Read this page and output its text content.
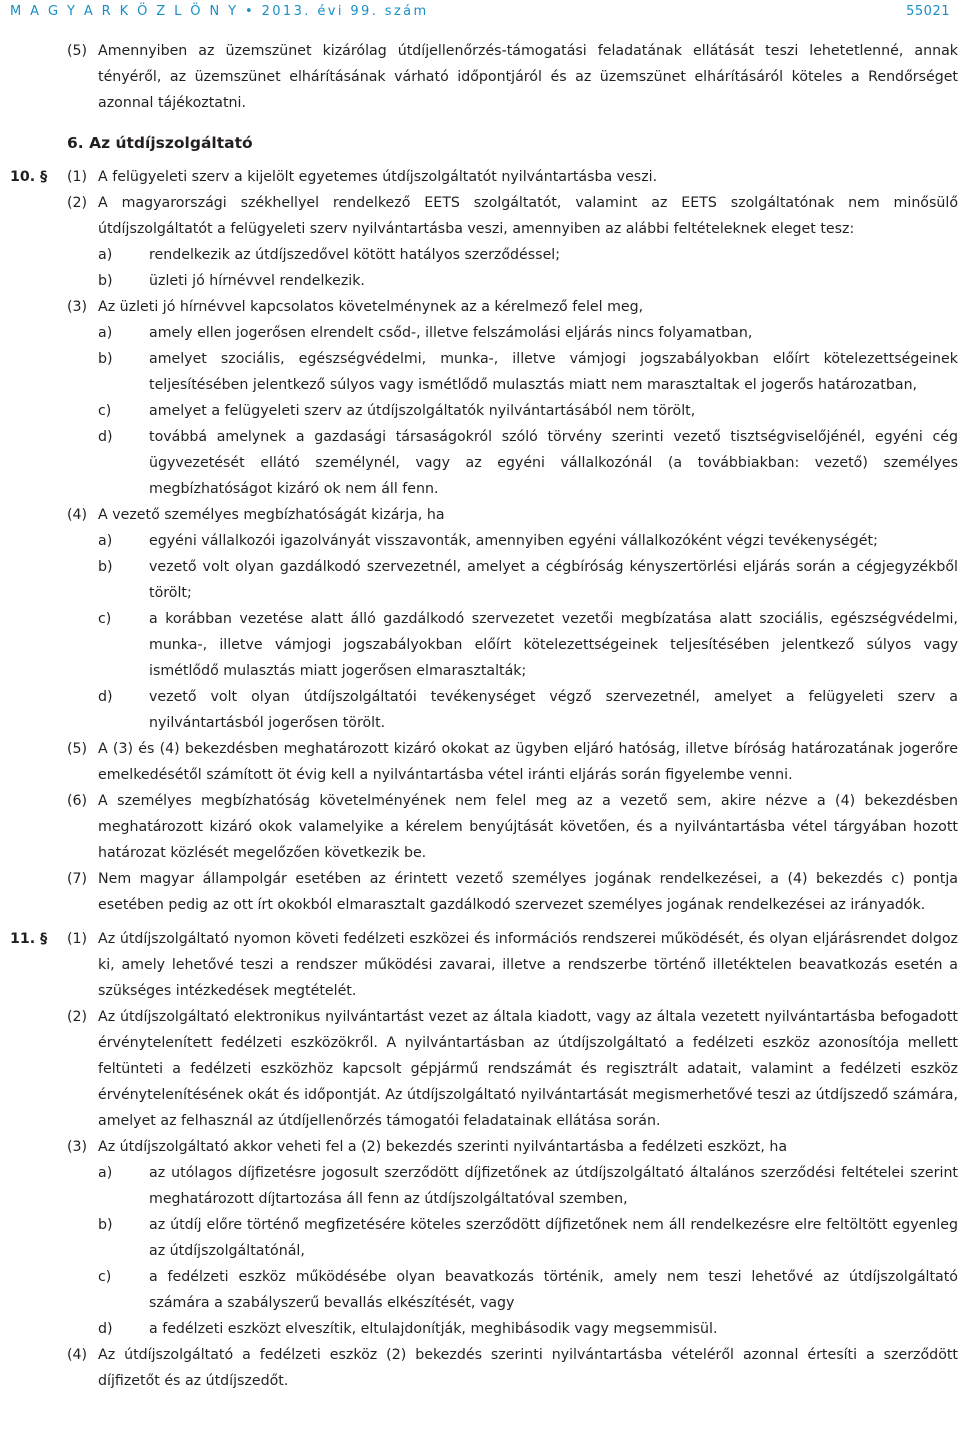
M A G Y A R K Ö Z L Ö N Y • 2013. évi 99. szám	55021
(5) Amennyiben az üzemszünet kizárólag útdíjellenőrzés-támogatási feladatának ellátását teszi lehetetlenné, annak tényéről, az üzemszünet elhárításának várható időpontjáról és az üzemszünet elhárításáról köteles a Rendőrséget azonnal tájékoztatni.
6. Az útdíjszolgáltató
10. §	(1) A felügyeleti szerv a kijelölt egyetemes útdíjszolgáltatót nyilvántartásba veszi.
(2) A magyarországi székhellyel rendelkező EETS szolgáltatót, valamint az EETS szolgáltatónak nem minősülő útdíjszolgáltatót a felügyeleti szerv nyilvántartásba veszi, amennyiben az alábbi feltételeknek eleget tesz:
a)	rendelkezik az útdíjszedővel kötött hatályos szerződéssel;
b)	üzleti jó hírnévvel rendelkezik.
(3) Az üzleti jó hírnévvel kapcsolatos követelménynek az a kérelmező felel meg,
a)	amely ellen jogerősen elrendelt csőd-, illetve felszámolási eljárás nincs folyamatban,
b)	amelyet szociális, egészségvédelmi, munka-, illetve vámjogi jogszabályokban előírt kötelezettségeinek teljesítésében jelentkező súlyos vagy ismétlődő mulasztás miatt nem marasztaltak el jogerős határozatban,
c)	amelyet a felügyeleti szerv az útdíjszolgáltatók nyilvántartásából nem törölt,
d)	továbbá amelynek a gazdasági társaságokról szóló törvény szerinti vezető tisztségviselőjénél, egyéni cég ügyvezetését ellátó személynél, vagy az egyéni vállalkozónál (a továbbiakban: vezető) személyes megbízhatóságot kizáró ok nem áll fenn.
(4) A vezető személyes megbízhatóságát kizárja, ha
a)	egyéni vállalkozói igazolványát visszavonták, amennyiben egyéni vállalkozóként végzi tevékenységét;
b)	vezető volt olyan gazdálkodó szervezetnél, amelyet a cégbíróság kényszertörlési eljárás során a cégjegyzékből törölt;
c)	a korábban vezetése alatt álló gazdálkodó szervezetet vezetői megbízatása alatt szociális, egészségvédelmi, munka-, illetve vámjogi jogszabályokban előírt kötelezettségeinek teljesítésében jelentkező súlyos vagy ismétlődő mulasztás miatt jogerősen elmarasztalták;
d)	vezető volt olyan útdíjszolgáltatói tevékenységet végző szervezetnél, amelyet a felügyeleti szerv a nyilvántartásból jogerősen törölt.
(5) A (3) és (4) bekezdésben meghatározott kizáró okokat az ügyben eljáró hatóság, illetve bíróság határozatának jogerőre emelkedésétől számított öt évig kell a nyilvántartásba vétel iránti eljárás során figyelembe venni.
(6) A személyes megbízhatóság követelményének nem felel meg az a vezető sem, akire nézve a (4) bekezdésben meghatározott kizáró okok valamelyike a kérelem benyújtását követően, és a nyilvántartásba vétel tárgyában hozott határozat közlését megelőzően következik be.
(7) Nem magyar állampolgár esetében az érintett vezető személyes jogának rendelkezései, a (4) bekezdés c) pontja esetében pedig az ott írt okokból elmarasztalt gazdálkodó szervezet személyes jogának rendelkezései az irányadók.
11. §	(1) Az útdíjszolgáltató nyomon követi fedélzeti eszközei és információs rendszerei működését, és olyan eljárásrendet dolgoz ki, amely lehetővé teszi a rendszer működési zavarai, illetve a rendszerbe történő illetéktelen beavatkozás esetén a szükséges intézkedések megtételét.
(2) Az útdíjszolgáltató elektronikus nyilvántartást vezet az általa kiadott, vagy az általa vezetett nyilvántartásba befogadott érvénytelenített fedélzeti eszközökről. A nyilvántartásban az útdíjszolgáltató a fedélzeti eszköz azonosítója mellett feltünteti a fedélzeti eszközhöz kapcsolt gépjármű rendszámát és regisztrált adatait, valamint a fedélzeti eszköz érvénytelenítésének okát és időpontját. Az útdíjszolgáltató nyilvántartását megismerhetővé teszi az útdíjszedő számára, amelyet az felhasznál az útdíjellenőrzés támogatói feladatainak ellátása során.
(3) Az útdíjszolgáltató akkor veheti fel a (2) bekezdés szerinti nyilvántartásba a fedélzeti eszközt, ha
a)	az utólagos díjfizetésre jogosult szerződött díjfizetőnek az útdíjszolgáltató általános szerződési feltételei szerint meghatározott díjtartozása áll fenn az útdíjszolgáltatóval szemben,
b)	az útdíj előre történő megfizetésére köteles szerződött díjfizetőnek nem áll rendelkezésre elre feltöltött egyenleg az útdíjszolgáltatónál,
c)	a fedélzeti eszköz működésébe olyan beavatkozás történik, amely nem teszi lehetővé az útdíjszolgáltató számára a szabályszerű bevallás elkészítését, vagy
d)	a fedélzeti eszközt elveszítik, eltulajdonítják, meghibásodik vagy megsemmisül.
(4) Az útdíjszolgáltató a fedélzeti eszköz (2) bekezdés szerinti nyilvántartásba vételéről azonnal értesíti a szerződött díjfizetőt és az útdíjszedőt.
